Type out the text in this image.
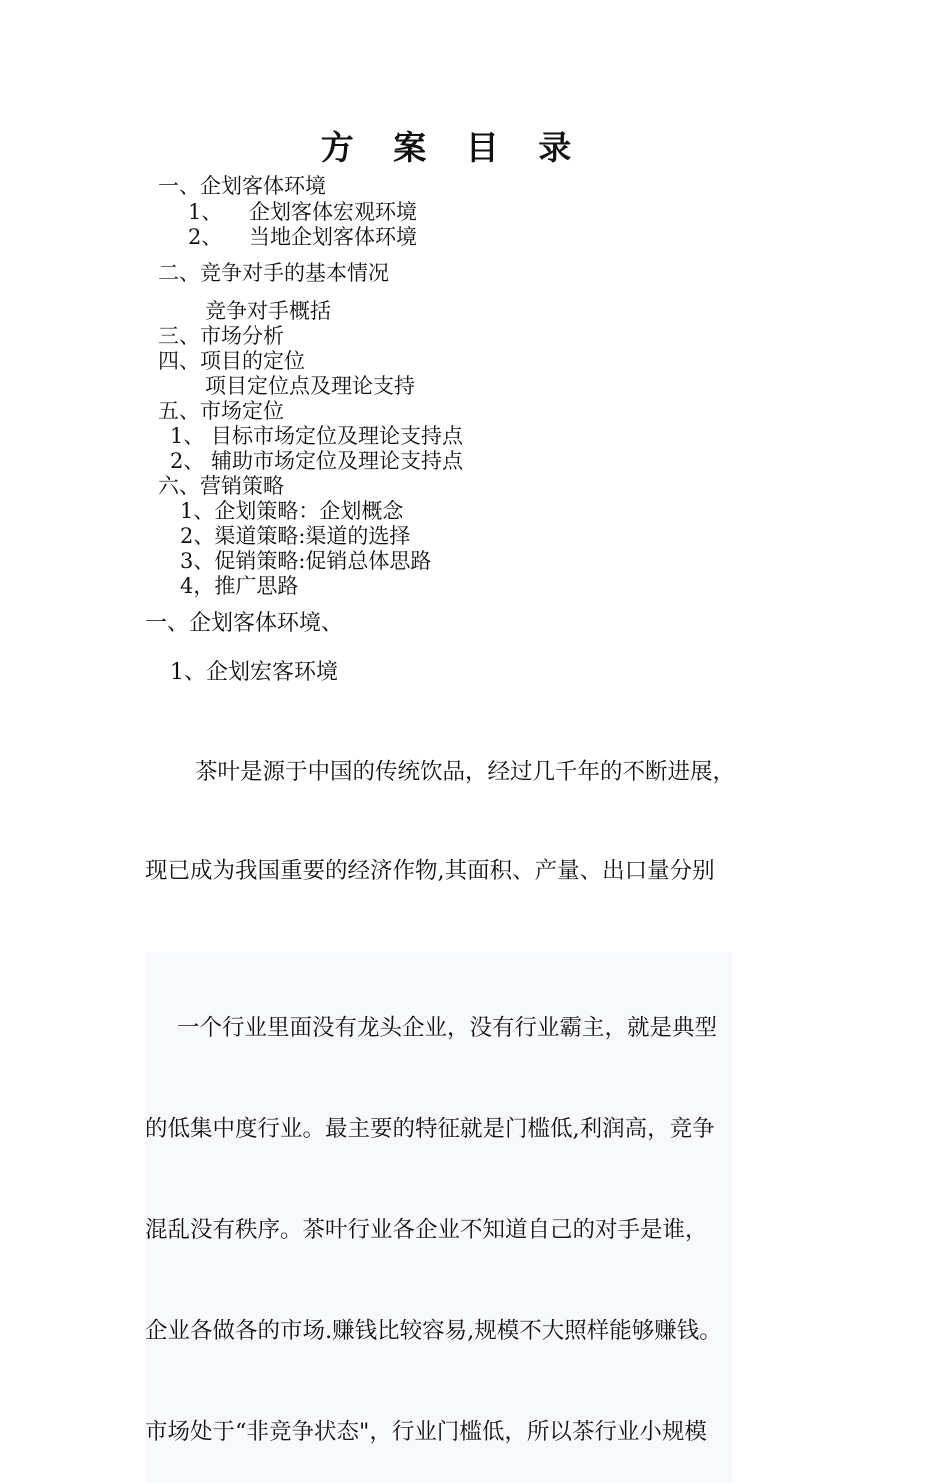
方 案 目 录
一、企划客体环境
1、    企划客体宏观环境
2、    当地企划客体环境
二、竞争对手的基本情况
竞争对手概括
三、市场分析
四、项目的定位
项目定位点及理论支持
五、市场定位
1、 目标市场定位及理论支持点
2、 辅助市场定位及理论支持点
六、营销策略
1、企划策略：企划概念
2、渠道策略:渠道的选择
3、促销策略:促销总体思路
4，推广思路
一、企划客体环境、
1、企划宏客环境

茶叶是源于中国的传统饮品，经过几千年的不断进展，

现已成为我国重要的经济作物,其面积、产量、出口量分别

一个行业里面没有龙头企业，没有行业霸主，就是典型

的低集中度行业。最主要的特征就是门槛低,利润高，竞争

混乱没有秩序。茶叶行业各企业不知道自己的对手是谁，

企业各做各的市场.赚钱比较容易,规模不大照样能够赚钱。

市场处于“非竞争状态"，行业门槛低，所以茶行业小规模
